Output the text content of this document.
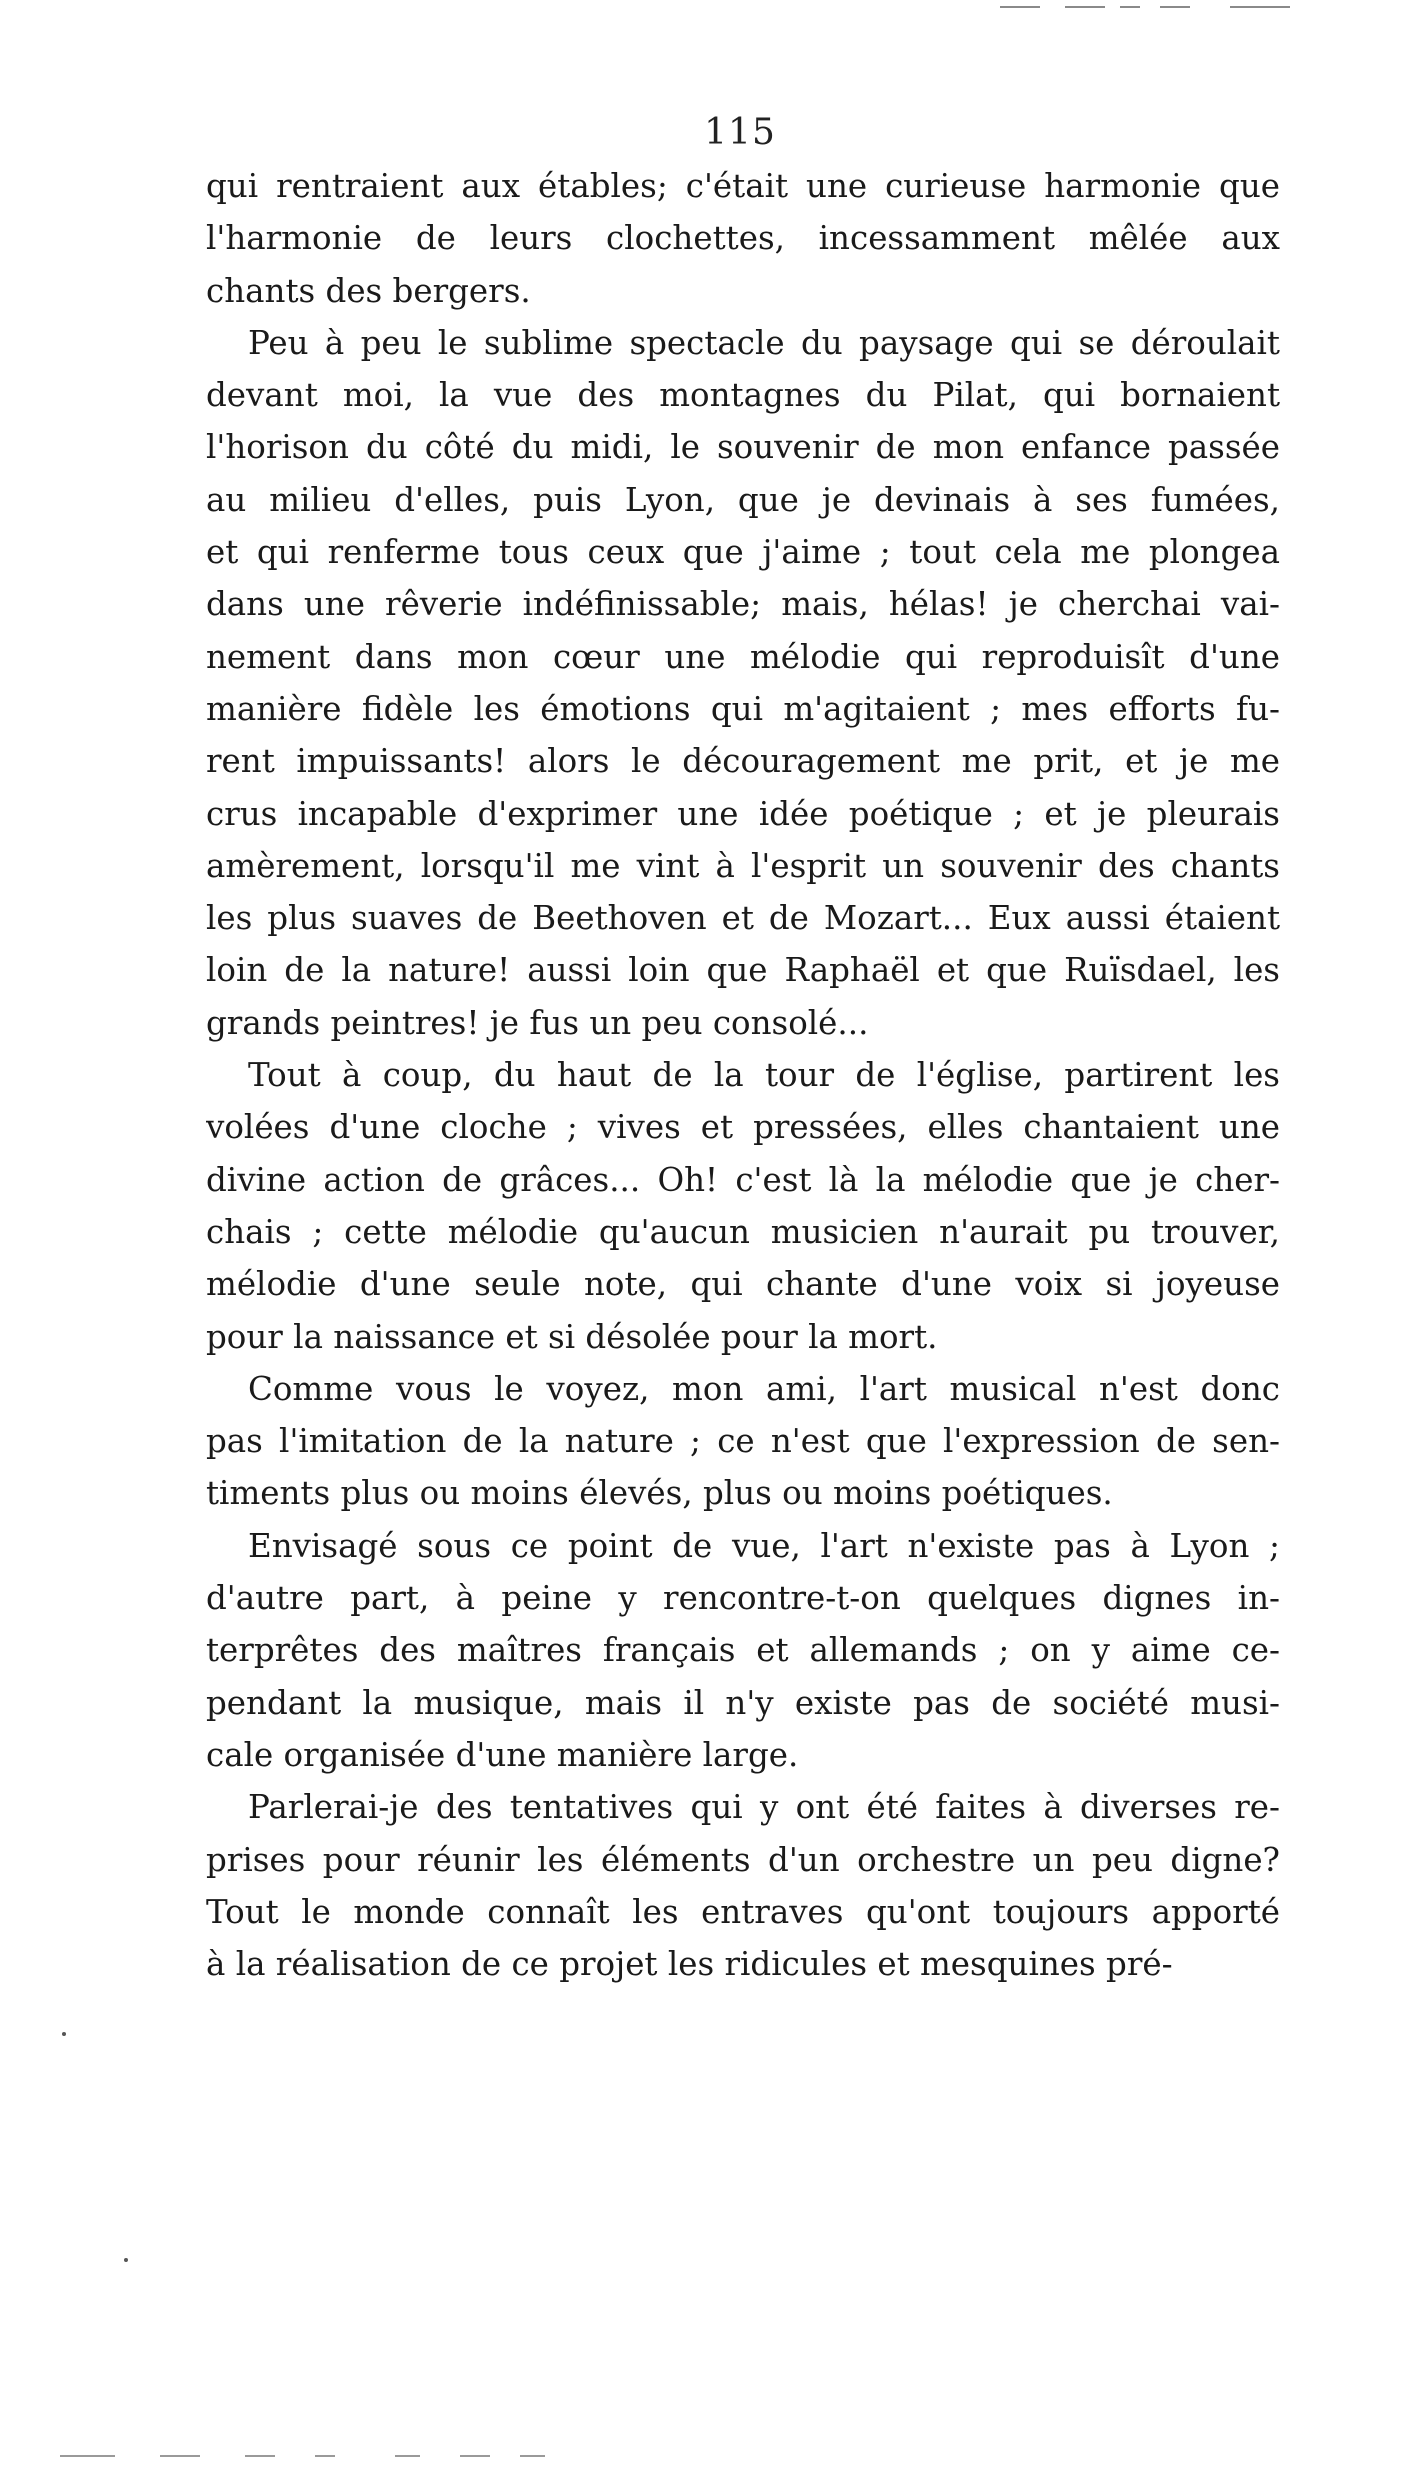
115
qui rentraient aux étables; c'était une curieuse harmonie que
l'harmonie de leurs clochettes, incessamment mêlée aux
chants des bergers.
Peu à peu le sublime spectacle du paysage qui se déroulait
devant moi, la vue des montagnes du Pilat, qui bornaient
l'horison du côté du midi, le souvenir de mon enfance passée
au milieu d'elles, puis Lyon, que je devinais à ses fumées,
et qui renferme tous ceux que j'aime ; tout cela me plongea
dans une rêverie indéfinissable; mais, hélas! je cherchai vai-
nement dans mon cœur une mélodie qui reproduisît d'une
manière fidèle les émotions qui m'agitaient ; mes efforts fu-
rent impuissants! alors le découragement me prit, et je me
crus incapable d'exprimer une idée poétique ; et je pleurais
amèrement, lorsqu'il me vint à l'esprit un souvenir des chants
les plus suaves de Beethoven et de Mozart... Eux aussi étaient
loin de la nature! aussi loin que Raphaël et que Ruïsdael, les
grands peintres! je fus un peu consolé...
Tout à coup, du haut de la tour de l'église, partirent les
volées d'une cloche ; vives et pressées, elles chantaient une
divine action de grâces... Oh! c'est là la mélodie que je cher-
chais ; cette mélodie qu'aucun musicien n'aurait pu trouver,
mélodie d'une seule note, qui chante d'une voix si joyeuse
pour la naissance et si désolée pour la mort.
Comme vous le voyez, mon ami, l'art musical n'est donc
pas l'imitation de la nature ; ce n'est que l'expression de sen-
timents plus ou moins élevés, plus ou moins poétiques.
Envisagé sous ce point de vue, l'art n'existe pas à Lyon ;
d'autre part, à peine y rencontre-t-on quelques dignes in-
terprêtes des maîtres français et allemands ; on y aime ce-
pendant la musique, mais il n'y existe pas de société musi-
cale organisée d'une manière large.
Parlerai-je des tentatives qui y ont été faites à diverses re-
prises pour réunir les éléments d'un orchestre un peu digne?
Tout le monde connaît les entraves qu'ont toujours apporté
à la réalisation de ce projet les ridicules et mesquines pré-
